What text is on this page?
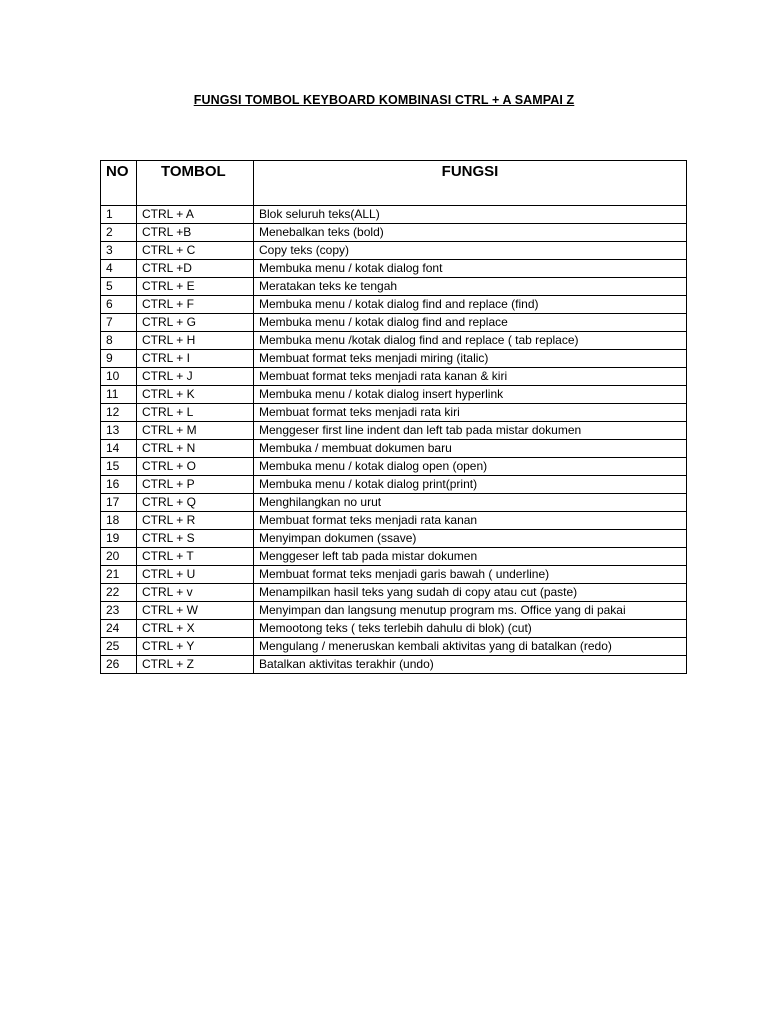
FUNGSI TOMBOL KEYBOARD KOMBINASI CTRL + A SAMPAI Z
NO	TOMBOL	FUNGSI
1	CTRL + A	Blok seluruh teks(ALL)
2	CTRL +B	Menebalkan teks (bold)
3	CTRL + C	Copy teks (copy)
4	CTRL +D	Membuka menu / kotak dialog font
5	CTRL + E	Meratakan teks ke tengah
6	CTRL + F	Membuka menu / kotak dialog find and replace (find)
7	CTRL + G	Membuka menu / kotak dialog find and replace
8	CTRL + H	Membuka menu /kotak dialog find and replace ( tab replace)
9	CTRL + I	Membuat format teks menjadi miring (italic)
10	CTRL + J	Membuat format teks menjadi rata kanan & kiri
11	CTRL + K	Membuka menu / kotak dialog insert hyperlink
12	CTRL + L	Membuat format teks menjadi rata kiri
13	CTRL + M	Menggeser first line indent dan left tab pada mistar dokumen
14	CTRL + N	Membuka / membuat dokumen baru
15	CTRL + O	Membuka menu / kotak dialog open (open)
16	CTRL + P	Membuka menu / kotak dialog print(print)
17	CTRL + Q	Menghilangkan no urut
18	CTRL + R	Membuat format teks menjadi rata kanan
19	CTRL + S	Menyimpan dokumen (ssave)
20	CTRL + T	Menggeser left tab pada mistar dokumen
21	CTRL + U	Membuat format teks menjadi garis bawah ( underline)
22	CTRL + v	Menampilkan hasil teks yang sudah di copy atau cut (paste)
23	CTRL + W	Menyimpan dan langsung menutup program ms. Office yang di pakai
24	CTRL + X	Memootong teks ( teks terlebih dahulu di blok) (cut)
25	CTRL + Y	Mengulang / meneruskan kembali aktivitas yang di batalkan (redo)
26	CTRL + Z	Batalkan aktivitas terakhir (undo)
